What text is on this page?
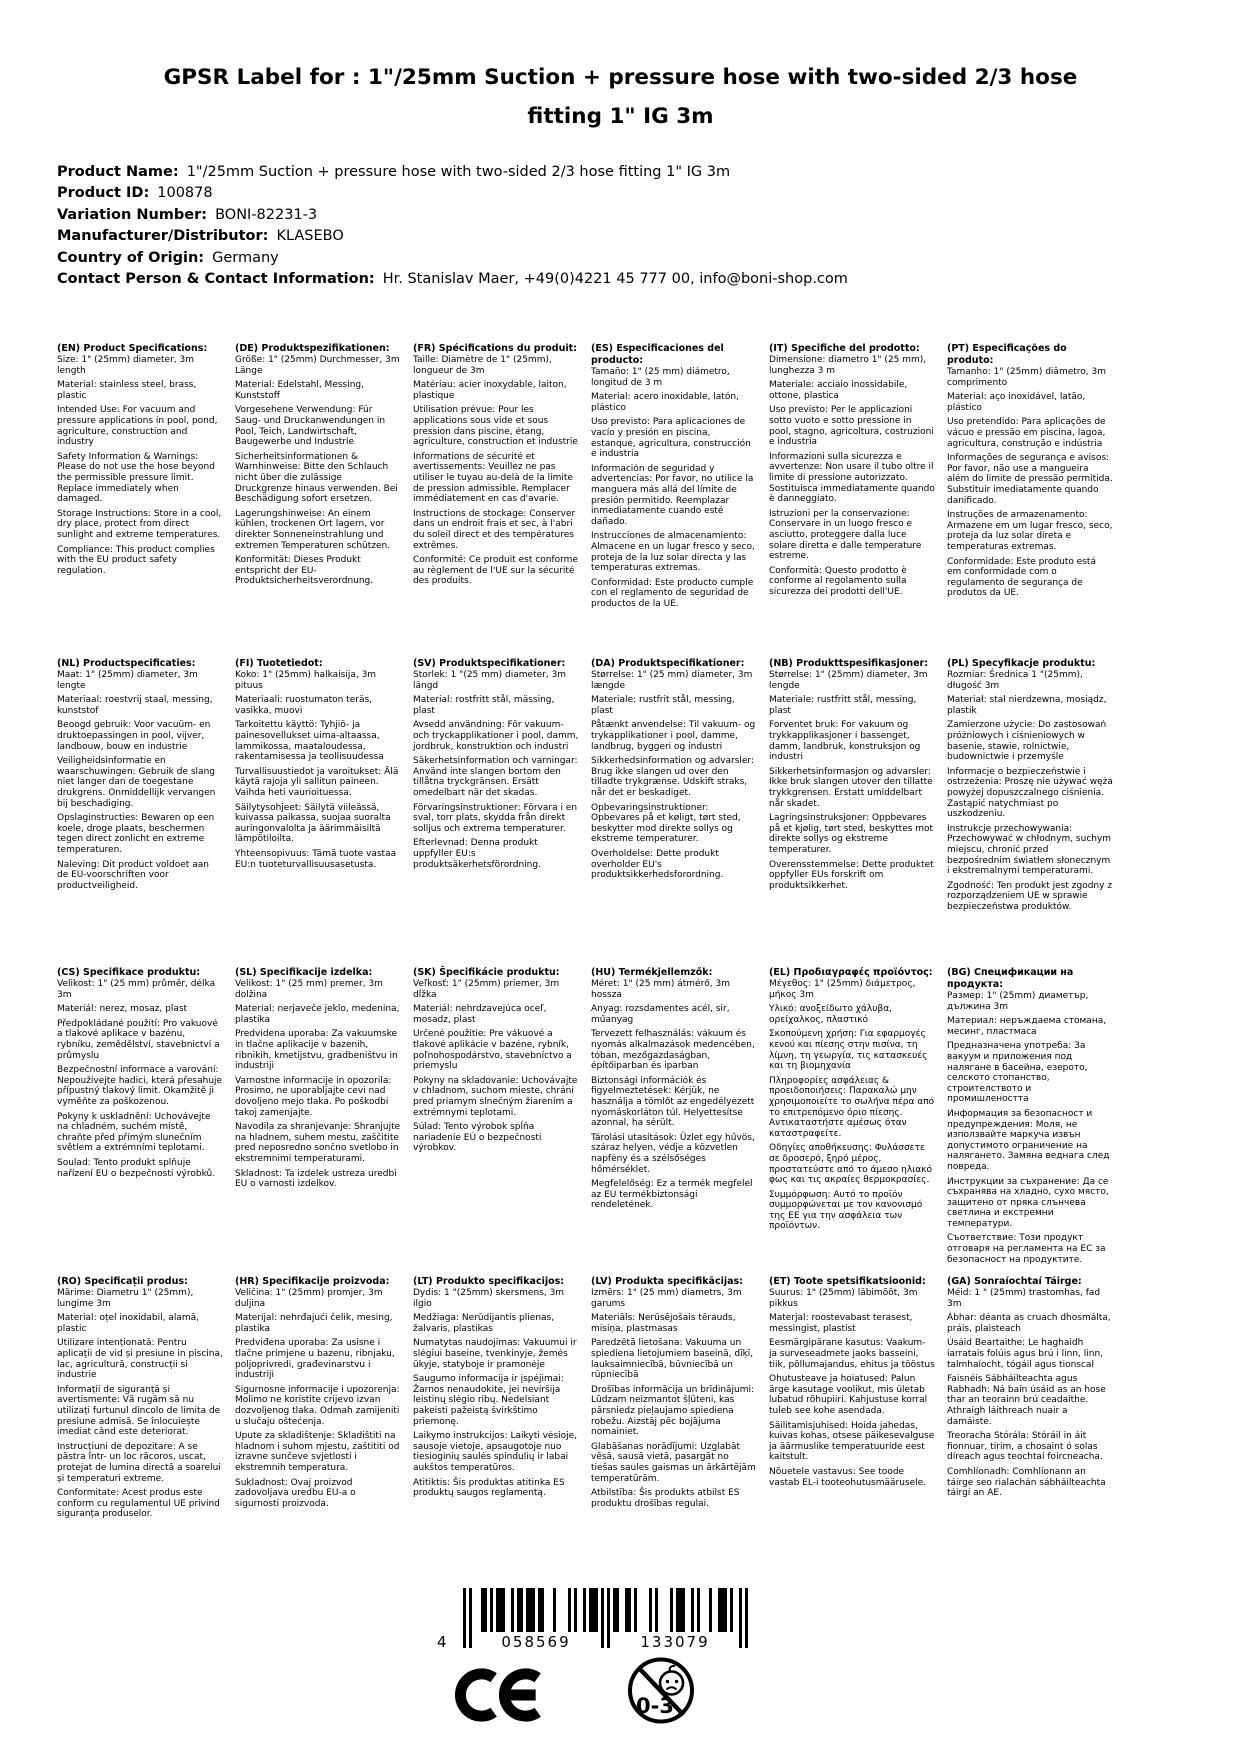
GPSR Label for : 1"/25mm Suction + pressure hose with two-sided 2/3 hose fitting 1" IG 3m
Product Name: 1"/25mm Suction + pressure hose with two-sided 2/3 hose fitting 1" IG 3m
Product ID: 100878
Variation Number: BONI-82231-3
Manufacturer/Distributor: KLASEBO
Country of Origin: Germany
Contact Person & Contact Information: Hr. Stanislav Maer, +49(0)4221 45 777 00, info@boni-shop.com
(EN) Product Specifications:

Size: 1" (25mm) diameter, 3m length

Material: stainless steel, brass, plastic

Intended Use: For vacuum and pressure applications in pool, pond, agriculture, construction and industry

Safety Information & Warnings: Please do not use the hose beyond the permissible pressure limit. Replace immediately when damaged.

Storage Instructions: Store in a cool, dry place, protect from direct sunlight and extreme temperatures.

Compliance: This product complies with the EU product safety regulation.

(DE) Produktspezifikationen:

Größe: 1" (25mm) Durchmesser, 3m Länge

Material: Edelstahl, Messing, Kunststoff

Vorgesehene Verwendung: Für Saug- und Druckanwendungen in Pool, Teich, Landwirtschaft, Baugewerbe und Industrie

Sicherheitsinformationen & Warnhinweise: Bitte den Schlauch nicht über die zulässige Druckgrenze hinaus verwenden. Bei Beschädigung sofort ersetzen.

Lagerungshinweise: An einem kühlen, trockenen Ort lagern, vor direkter Sonneneinstrahlung und extremen Temperaturen schützen.

Konformität: Dieses Produkt entspricht der EU-Produktsicherheitsverordnung.

(FR) Spécifications du produit:

Taille: Diamètre de 1" (25mm), longueur de 3m

Matériau: acier inoxydable, laiton, plastique

Utilisation prévue: Pour les applications sous vide et sous pression dans piscine, étang, agriculture, construction et industrie

Informations de sécurité et avertissements: Veuillez ne pas utiliser le tuyau au-delà de la limite de pression admissible. Remplacer immédiatement en cas d'avarie.

Instructions de stockage: Conserver dans un endroit frais et sec, à l'abri du soleil direct et des températures extrêmes.

Conformité: Ce produit est conforme au règlement de l'UE sur la sécurité des produits.

(ES) Especificaciones del producto:

Tamaño: 1" (25 mm) diámetro, longitud de 3 m

Material: acero inoxidable, latón, plástico

Uso previsto: Para aplicaciones de vacío y presión en piscina, estanque, agricultura, construcción e industria

Información de seguridad y advertencias: Por favor, no utilice la manguera más allá del límite de presión permitido. Reemplazar inmediatamente cuando esté dañado.

Instrucciones de almacenamiento: Almacene en un lugar fresco y seco, proteja de la luz solar directa y las temperaturas extremas.

Conformidad: Este producto cumple con el reglamento de seguridad de productos de la UE.

(IT) Specifiche del prodotto:

Dimensione: diametro 1" (25 mm), lunghezza 3 m

Materiale: acciaio inossidabile, ottone, plastica

Uso previsto: Per le applicazioni sotto vuoto e sotto pressione in pool, stagno, agricoltura, costruzioni e industria

Informazioni sulla sicurezza e avvertenze: Non usare il tubo oltre il limite di pressione autorizzato. Sostituisca immediatamente quando è danneggiato.

Istruzioni per la conservazione: Conservare in un luogo fresco e asciutto, proteggere dalla luce solare diretta e dalle temperature estreme.

Conformità: Questo prodotto è conforme al regolamento sulla sicurezza dei prodotti dell'UE.

(PT) Especificações do produto:

Tamanho: 1" (25mm) diâmetro, 3m comprimento

Material: aço inoxidável, latão, plástico

Uso pretendido: Para aplicações de vácuo e pressão em piscina, lagoa, agricultura, construção e indústria

Informações de segurança e avisos: Por favor, não use a mangueira além do limite de pressão permitida. Substituir imediatamente quando danificado.

Instruções de armazenamento: Armazene em um lugar fresco, seco, proteja da luz solar direta e temperaturas extremas.

Conformidade: Este produto está em conformidade com o regulamento de segurança de produtos da UE.

(NL) Productspecificaties:

Maat: 1" (25mm) diameter, 3m lengte

Materiaal: roestvrij staal, messing, kunststof

Beoogd gebruik: Voor vacuüm- en druktoepassingen in pool, vijver, landbouw, bouw en industrie

Veiligheidsinformatie en waarschuwingen: Gebruik de slang niet langer dan de toegestane drukgrens. Onmiddellijk vervangen bij beschadiging.

Opslaginstructies: Bewaren op een koele, droge plaats, beschermen tegen direct zonlicht en extreme temperaturen.

Naleving: Dit product voldoet aan de EU-voorschriften voor productveiligheid.

(FI) Tuotetiedot:

Koko: 1" (25mm) halkaisija, 3m pituus

Materiaali: ruostumaton teräs, vasikka, muovi

Tarkoitettu käyttö: Tyhjiö- ja painesovellukset uima-altaassa, lammikossa, maataloudessa, rakentamisessa ja teollisuudessa

Turvallisuustiedot ja varoitukset: Älä käytä rajoja yli sallitun paineen. Vaihda heti vaurioituessa.

Säilytysohjeet: Säilytä viileässä, kuivassa paikassa, suojaa suoralta auringonvalolta ja äärimmäisiltä lämpötiloilta.

Yhteensopivuus: Tämä tuote vastaa EU:n tuoteturvallisuusasetusta.

(SV) Produktspecifikationer:

Storlek: 1 "(25 mm) diameter, 3m längd

Material: rostfritt stål, mässing, plast

Avsedd användning: För vakuum- och tryckapplikationer i pool, damm, jordbruk, konstruktion och industri

Säkerhetsinformation och varningar: Använd inte slangen bortom den tillåtna tryckgränsen. Ersätt omedelbart när det skadas.

Förvaringsinstruktioner: Förvara i en sval, torr plats, skydda från direkt solljus och extrema temperaturer.

Efterlevnad: Denna produkt uppfyller EU:s produktsäkerhetsförordning.

(DA) Produktspecifikationer:

Størrelse: 1" (25 mm) diameter, 3m længde

Materiale: rustfrit stål, messing, plast

Påtænkt anvendelse: Til vakuum- og trykapplikationer i pool, damme, landbrug, byggeri og industri

Sikkerhedsinformation og advarsler: Brug ikke slangen ud over den tilladte trykgrænse. Udskift straks, når det er beskadiget.

Opbevaringsinstruktioner: Opbevares på et køligt, tørt sted, beskytter mod direkte sollys og ekstreme temperaturer.

Overholdelse: Dette produkt overholder EU's produktsikkerhedsforordning.

(NB) Produkttspesifikasjoner:

Størrelse: 1" (25mm) diameter, 3m lengde

Materiale: rustfritt stål, messing, plast

Forventet bruk: For vakuum og trykkapplikasjoner i bassenget, damm, landbruk, konstruksjon og industri

Sikkerhetsinformasjon og advarsler: Ikke bruk slangen utover den tillatte trykkgrensen. Erstatt umiddelbart når skadet.

Lagringsinstruksjoner: Oppbevares på et kjølig, tørt sted, beskyttes mot direkte sollys og ekstreme temperaturer.

Overensstemmelse: Dette produktet oppfyller EUs forskrift om produktsikkerhet.

(PL) Specyfikacje produktu:

Rozmiar: Średnica 1 "(25mm), długość 3m

Materiał: stal nierdzewna, mosiądz, plastik

Zamierzone użycie: Do zastosowań próżniowych i ciśnieniowych w basenie, stawie, rolnictwie, budownictwie i przemyśle

Informacje o bezpieczeństwie i ostrzeżenia: Proszę nie używać węża powyżej dopuszczalnego ciśnienia. Zastąpić natychmiast po uszkodzeniu.

Instrukcje przechowywania: Przechowywać w chłodnym, suchym miejscu, chronić przed bezpośrednim światłem słonecznym i ekstremalnymi temperaturami.

Zgodność: Ten produkt jest zgodny z rozporządzeniem UE w sprawie bezpieczeństwa produktów.

(CS) Specifikace produktu:

Velikost: 1" (25 mm) průměr, délka 3m

Materiál: nerez, mosaz, plast

Předpokládané použití: Pro vakuové a tlakové aplikace v bazénu, rybníku, zemědělství, stavebnictví a průmyslu

Bezpečnostní informace a varování: Nepoužívejte hadici, která přesahuje přípustný tlakový limit. Okamžitě ji vyměňte za poškozenou.

Pokyny k uskladnění: Uchovávejte na chladném, suchém místě, chraňte před přímým slunečním světlem a extrémními teplotami.

Soulad: Tento produkt splňuje nařízení EU o bezpečnosti výrobků.

(SL) Specifikacije izdelka:

Velikost: 1" (25 mm) premer, 3m dolžina

Material: nerjaveče jeklo, medenina, plastika

Predvidena uporaba: Za vakuumske in tlačne aplikacije v bazenih, ribnikih, kmetijstvu, gradbeništvu in industriji

Varnostne informacije in opozorila: Prosimo, ne uporabljajte cevi nad dovoljeno mejo tlaka. Po poškodbi takoj zamenjajte.

Navodila za shranjevanje: Shranjujte na hladnem, suhem mestu, zaščitite pred neposredno sončno svetlobo in ekstremnimi temperaturami.

Skladnost: Ta izdelek ustreza uredbi EU o varnosti izdelkov.

(SK) Špecifikácie produktu:

Veľkosť: 1" (25mm) priemer, 3m dĺžka

Materiál: nehrdzavejúca oceľ, mosadz, plast

Určené použitie: Pre vákuové a tlakové aplikácie v bazéne, rybník, poľnohospodárstvo, stavebníctvo a priemyslu

Pokyny na skladovanie: Uchovávajte v chladnom, suchom mieste, chráni pred priamym slnečným žiarením a extrémnymi teplotami.

Súlad: Tento výrobok spĺňa nariadenie EÚ o bezpečnosti výrobkov.

(HU) Termékjellemzők:

Méret: 1" (25 mm) átmérő, 3m hossza

Anyag: rozsdamentes acél, sir, műanyag

Tervezett felhasználás: vákuum és nyomás alkalmazások medencében, tóban, mezőgazdaságban, építőiparban és iparban

Biztonsági információk és figyelmeztetések: Kérjük, ne használja a tömlőt az engedélyezett nyomáskorláton túl. Helyettesítse azonnal, ha sérült.

Tárolási utasítások: Üzlet egy hűvös, száraz helyen, védje a közvetlen napfény és a szélsőséges hőmérséklet.

Megfelelőség: Ez a termék megfelel az EU termékbiztonsági rendeletének.

(EL) Προδιαγραφές προϊόντος:

Μέγεθος: 1" (25mm) διάμετρος, μήκος 3m

Υλικό: ανοξείδωτο χάλυβα, ορείχαλκος, πλαστικό

Σκοπούμενη χρήση: Για εφαρμογές κενού και πίεσης στην πισίνα, τη λίμνη, τη γεωργία, τις κατασκευές και τη βιομηχανία

Πληροφορίες ασφάλειας & προειδοποιήσεις: Παρακαλώ μην χρησιμοποιείτε το σωλήνα πέρα από το επιτρεπόμενο όριο πίεσης. Αντικαταστήστε αμέσως όταν καταστραφείτε.

Οδηγίες αποθήκευσης: Φυλάσσετε σε δροσερό, ξηρό μέρος, προστατεύστε από το άμεσο ηλιακό φως και τις ακραίες θερμοκρασίες.

Συμμόρφωση: Αυτό το προϊόν συμμορφώνεται με τον κανονισμό της ΕΕ για την ασφάλεια των προϊόντων.

(BG) Спецификации на продукта:

Размер: 1" (25mm) диаметър, дължина 3m

Материал: неръждаема стомана, месинг, пластмаса

Предназначена употреба: За вакуум и приложения под налягане в басейна, езерото, селското стопанство, строителството и промишлеността

Информация за безопасност и предупреждения: Моля, не използвайте маркуча извън допустимото ограничение на налягането. Замяна веднага след повреда.

Инструкции за съхранение: Да се съхранява на хладно, сухо място, защитено от пряка слънчева светлина и екстремни температури.

Съответствие: Този продукт отговаря на регламента на ЕС за безопасност на продуктите.

(RO) Specificații produs:

Mărime: Diametru 1" (25mm), lungime 3m

Material: oțel inoxidabil, alamă, plastic

Utilizare intenționată: Pentru aplicații de vid și presiune in piscina, lac, agricultură, construcții si industrie

Informații de siguranță și avertismente: Vă rugăm să nu utilizați furtunul dincolo de limita de presiune admisă. Se înlocuiește imediat când este deteriorat.

Instrucțiuni de depozitare: A se păstra într- un loc răcoros, uscat, protejat de lumina directă a soarelui și temperaturi extreme.

Conformitate: Acest produs este conform cu regulamentul UE privind siguranța produselor.

(HR) Specifikacije proizvoda:

Veličina: 1" (25mm) promjer, 3m duljina

Materijal: nehrđajući čelik, mesing, plastika

Predviđena uporaba: Za usisne i tlačne primjene u bazenu, ribnjaku, poljoprivredi, građevinarstvu i industriji

Sigurnosne informacije i upozorenja: Molimo ne koristite crijevo izvan dozvoljenog tlaka. Odmah zamijeniti u slučaju oštećenja.

Upute za skladištenje: Skladištiti na hladnom i suhom mjestu, zaštititi od izravne sunčeve svjetlosti i ekstremnih temperatura.

Sukladnost: Ovaj proizvod zadovoljava uredbu EU-a o sigurnosti proizvoda.

(LT) Produkto specifikacijos:

Dydis: 1 "(25mm) skersmens, 3m ilgio

Medžiaga: Nerūdijantis plienas, žalvaris, plastikas

Numatytas naudojimas: Vakuumui ir slėgiui baseine, tvenkinyje, žemės ūkyje, statyboje ir pramonėje

Saugumo informacija ir įspėjimai: Žarnos nenaudokite, jei neviršija leistinų slėgio ribų. Nedelsiant pakeisti pažeistą švirkštimo priemonę.

Laikymo instrukcijos: Laikyti vėsioje, sausoje vietoje, apsaugotoje nuo tiesioginių saulės spindulių ir labai aukštos temperatūros.

Atitiktis: Šis produktas atitinka ES produktų saugos reglamentą.

(LV) Produkta specifikācijas:

Izmērs: 1" (25 mm) diametrs, 3m garums

Materiāls: Nerūsējošais tērauds, misiņa, plastmasas

Paredzētā lietošana: Vakuuma un spiediena lietojumiem baseinā, dīķī, lauksaimniecībā, būvniecībā un rūpniecībā

Drošības informācija un brīdinājumi: Lūdzam neizmantot šļūteni, kas pārsniedz pieļaujamo spiediena robežu. Aizstāj pēc bojājuma nomainiet.

Glabāšanas norādījumi: Uzglabāt vēsā, sausā vietā, pasargāt no tiešas saules gaismas un ārkārtējām temperatūrām.

Atbilstība: Šis produkts atbilst ES produktu drošības regulai.

(ET) Toote spetsifikatsioonid:

Suurus: 1" (25mm) läbimõõt, 3m pikkus

Materjal: roostevabast terasest, messingist, plastist

Eesmärgipärane kasutus: Vaakum- ja surveseadmete jaoks basseini, tiik, põllumajandus, ehitus ja tööstus

Ohutusteave ja hoiatused: Palun ärge kasutage voolikut, mis ületab lubatud rõhupiiri. Kahjustuse korral tuleb see kohe asendada.

Säilitamisjuhised: Hoida jahedas, kuivas kohas, otsese päikesevalguse ja äärmuslike temperatuuride eest kaitstult.

Nõuetele vastavus: See toode vastab EL-i tooteohutusmäärusele.

(GA) Sonraíochtaí Táirge:

Méid: 1 " (25mm) trastomhas, fad 3m

Ábhar: déanta as cruach dhosmálta, práis, plaisteach

Úsáid Beartaithe: Le haghaidh iarratais folúis agus brú i linn, linn, talmhaíocht, tógáil agus tionscal

Faisnéis Sábháilteachta agus Rabhadh: Ná bain úsáid as an hose thar an teorainn brú ceadaithe. Athraigh láithreach nuair a damáiste.

Treoracha Stórála: Stóráil in áit fionnuar, tirim, a chosaint ó solas díreach agus teochtaí foircneacha.

Comhlíonadh: Comhlíonann an táirge seo rialachán sábháilteachta táirgí an AE.

4	058569	133079
0-3
